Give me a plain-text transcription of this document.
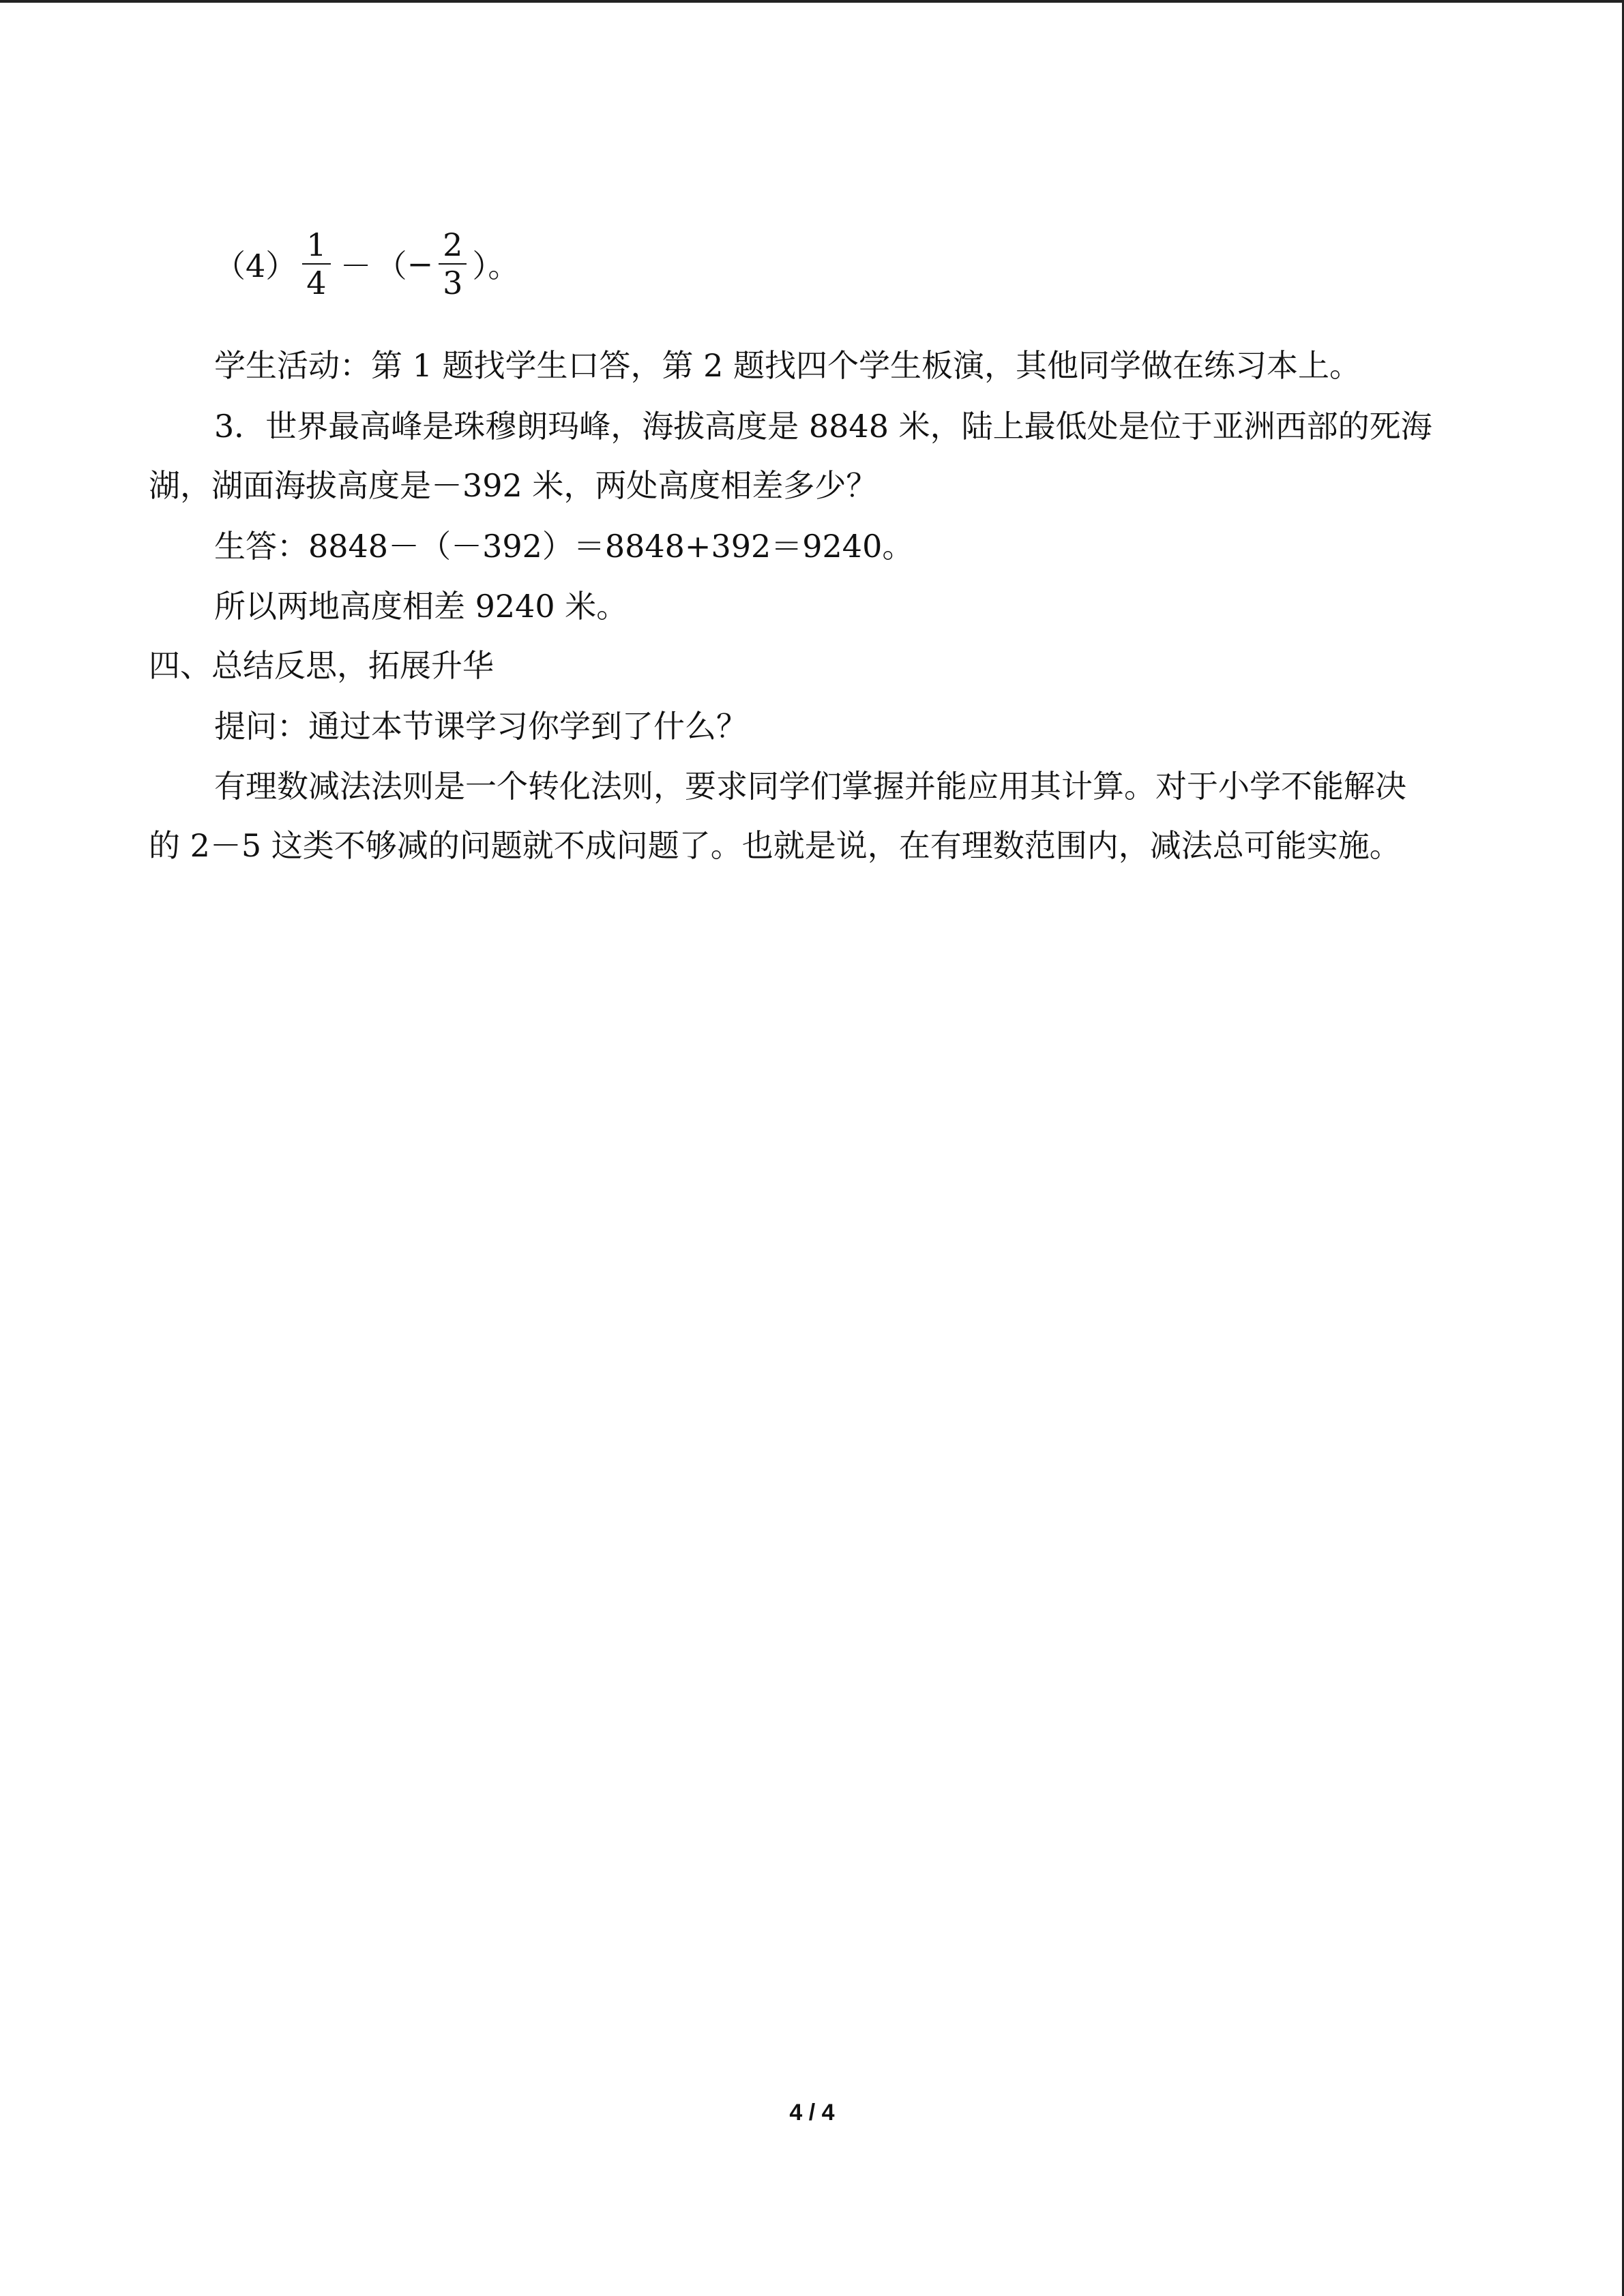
$(4) \frac{1}{4}$ － （ − $\frac{2}{3}$ ）。
学生活动：第 1 题找学生口答，第 2 题找四个学生板演，其他同学做在练习本上。
3．世界最高峰是珠穆朗玛峰，海拔高度是 8848 米，陆上最低处是位于亚洲西部的死海
湖，湖面海拔高度是－392 米，两处高度相差多少？
生答：8848－（－392）＝8848+392＝9240。
所以两地高度相差 9240 米。
四、总结反思，拓展升华
提问：通过本节课学习你学到了什么？
有理数减法法则是一个转化法则，要求同学们掌握并能应用其计算。对于小学不能解决
的 2－5 这类不够减的问题就不成问题了。也就是说，在有理数范围内，减法总可能实施。
4 / 4
